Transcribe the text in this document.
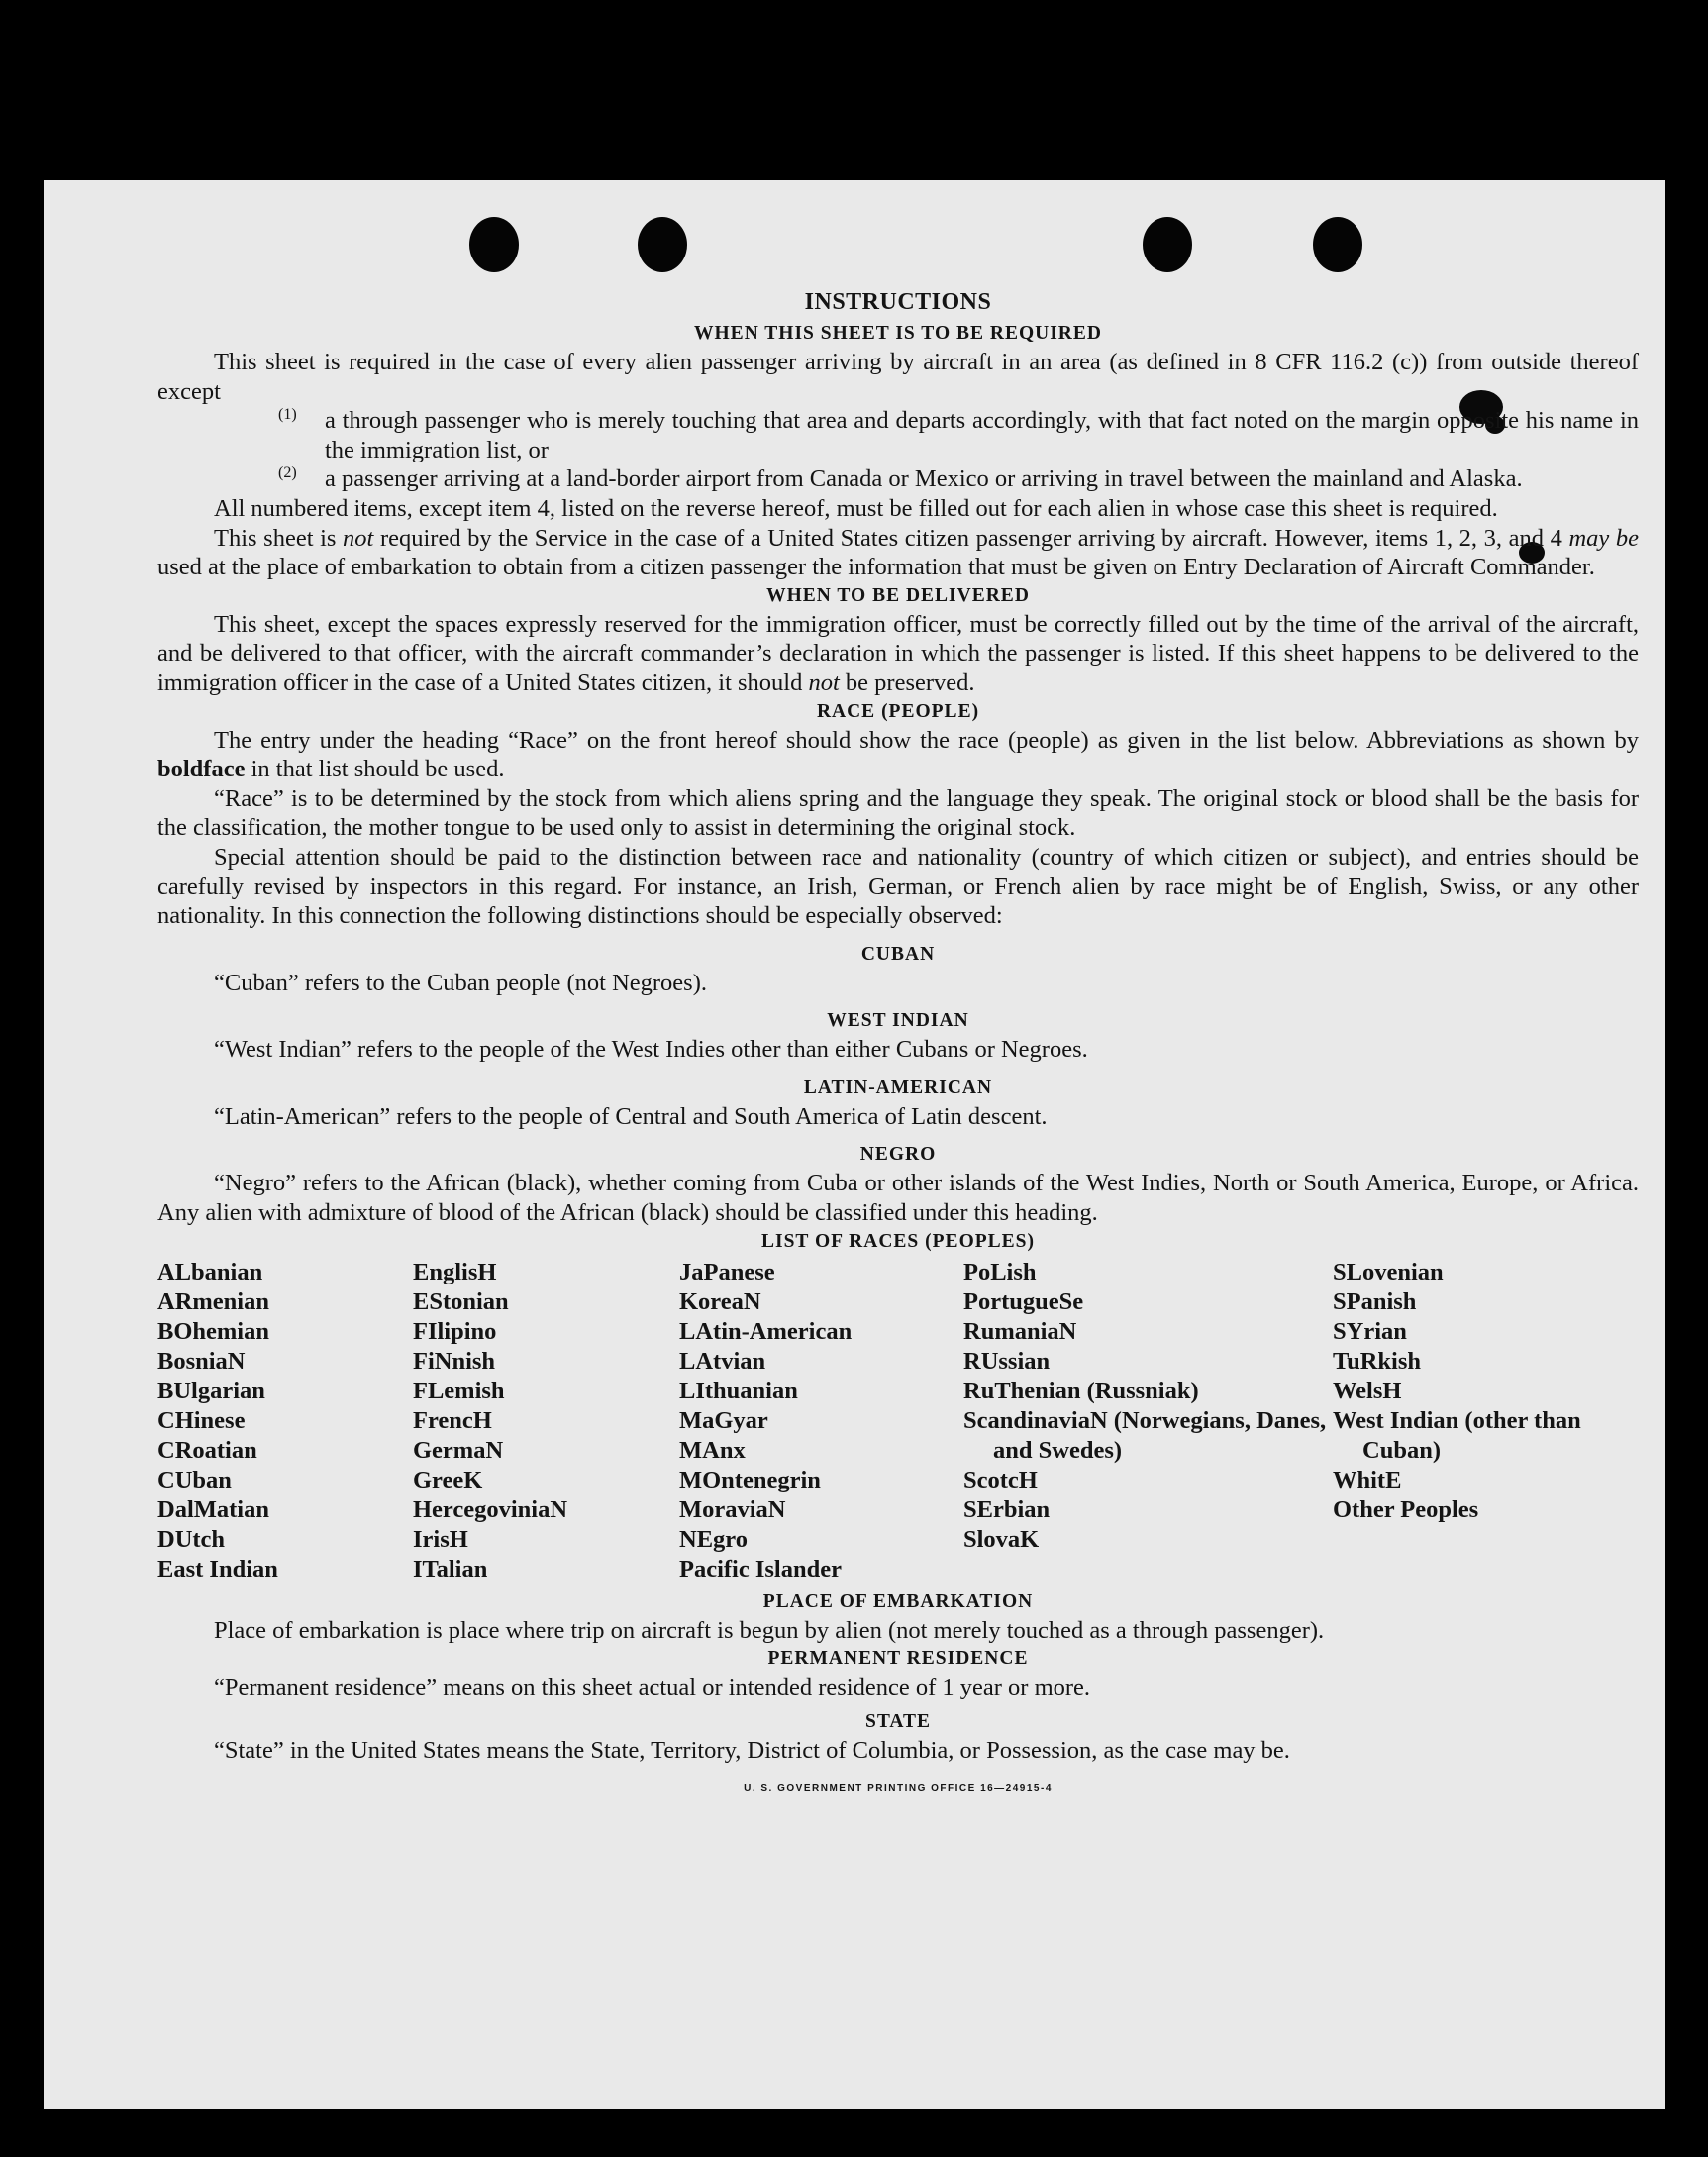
INSTRUCTIONS
WHEN THIS SHEET IS TO BE REQUIRED

This sheet is required in the case of every alien passenger arriving by aircraft in an area (as defined in 8 CFR 116.2 (c)) from outside thereof except

(1)	a through passenger who is merely touching that area and departs accordingly, with that fact noted on the margin opposite his name in the immigration list, or

(2)	a passenger arriving at a land-border airport from Canada or Mexico or arriving in travel between the mainland and Alaska.

All numbered items, except item 4, listed on the reverse hereof, must be filled out for each alien in whose case this sheet is required.

This sheet is not required by the Service in the case of a United States citizen passenger arriving by aircraft. However, items 1, 2, 3, and 4 may be used at the place of embarkation to obtain from a citizen passenger the information that must be given on Entry Declaration of Aircraft Commander.

WHEN TO BE DELIVERED

This sheet, except the spaces expressly reserved for the immigration officer, must be correctly filled out by the time of the arrival of the aircraft, and be delivered to that officer, with the aircraft commander’s declaration in which the passenger is listed. If this sheet happens to be delivered to the immigration officer in the case of a United States citizen, it should not be preserved.

RACE (PEOPLE)

The entry under the heading “Race” on the front hereof should show the race (people) as given in the list below. Abbreviations as shown by boldface in that list should be used.

“Race” is to be determined by the stock from which aliens spring and the language they speak. The original stock or blood shall be the basis for the classification, the mother tongue to be used only to assist in determining the original stock.

Special attention should be paid to the distinction between race and nationality (country of which citizen or subject), and entries should be carefully revised by inspectors in this regard. For instance, an Irish, German, or French alien by race might be of English, Swiss, or any other nationality. In this connection the following distinctions should be especially observed:

CUBAN

“Cuban” refers to the Cuban people (not Negroes).

WEST INDIAN

“West Indian” refers to the people of the West Indies other than either Cubans or Negroes.

LATIN-AMERICAN

“Latin-American” refers to the people of Central and South America of Latin descent.

NEGRO

“Negro” refers to the African (black), whether coming from Cuba or other islands of the West Indies, North or South America, Europe, or Africa. Any alien with admixture of blood of the African (black) should be classified under this heading.

LIST OF RACES (PEOPLES)
ALbanian
ARmenian
BOhemian
BosniaN
BUlgarian
CHinese
CRoatian
CUban
DalMatian
DUtch
East Indian
EnglisH
EStonian
FIlipino
FiNnish
FLemish
FrencH
GermaN
GreeK
HercegoviniaN
IrisH
ITalian
JaPanese
KoreaN
LAtin-American
LAtvian
LIthuanian
MaGyar
MAnx
MOntenegrin
MoraviaN
NEgro
Pacific Islander
PoLish
PortugueSe
RumaniaN
RUssian
RuThenian (Russniak)
ScandinaviaN (Norwegians, Danes, and Swedes)
ScotcH
SErbian
SlovaK
SLovenian
SPanish
SYrian
TuRkish
WelsH
West Indian (other than Cuban)
WhitE
Other Peoples
PLACE OF EMBARKATION

Place of embarkation is place where trip on aircraft is begun by alien (not merely touched as a through passenger).

PERMANENT RESIDENCE

“Permanent residence” means on this sheet actual or intended residence of 1 year or more.

STATE

“State” in the United States means the State, Territory, District of Columbia, or Possession, as the case may be.

U. S. GOVERNMENT PRINTING OFFICE 16—24915-4
